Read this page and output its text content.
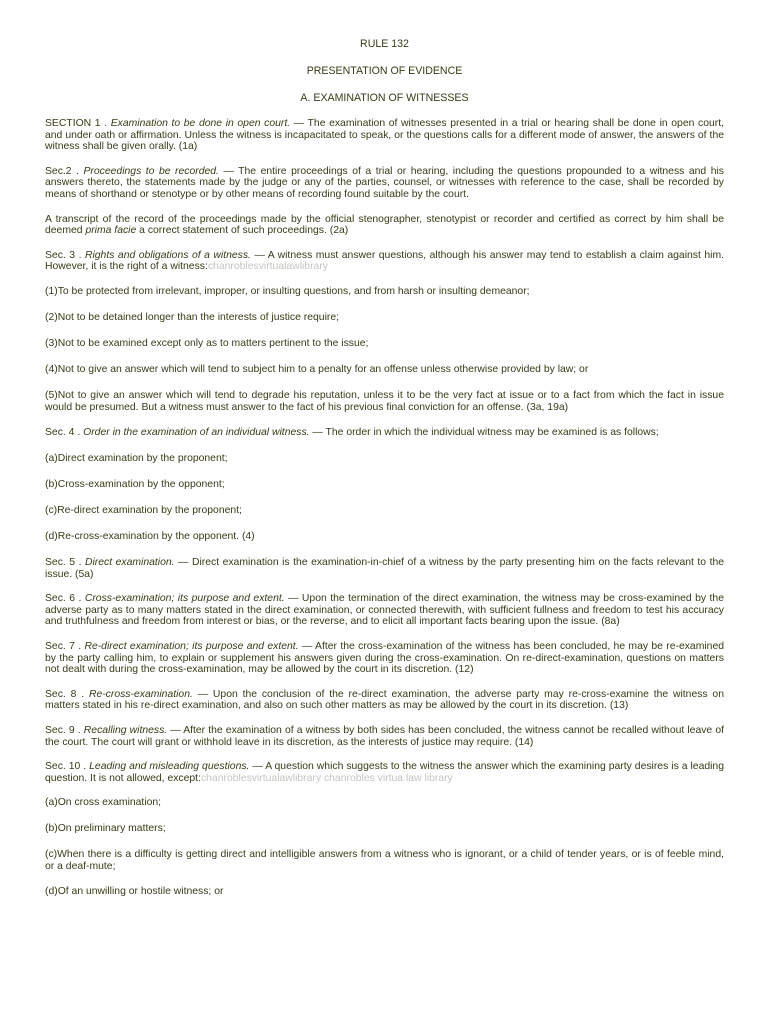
RULE 132

PRESENTATION OF EVIDENCE

A. EXAMINATION OF WITNESSES

SECTION 1 . Examination to be done in open court. — The examination of witnesses presented in a trial or hearing shall be done in open court, and under oath or affirmation. Unless the witness is incapacitated to speak, or the questions calls for a different mode of answer, the answers of the witness shall be given orally. (1a)

Sec.2 . Proceedings to be recorded. — The entire proceedings of a trial or hearing, including the questions propounded to a witness and his answers thereto, the statements made by the judge or any of the parties, counsel, or witnesses with reference to the case, shall be recorded by means of shorthand or stenotype or by other means of recording found suitable by the court.

A transcript of the record of the proceedings made by the official stenographer, stenotypist or recorder and certified as correct by him shall be deemed prima facie a correct statement of such proceedings. (2a)

Sec. 3 . Rights and obligations of a witness. — A witness must answer questions, although his answer may tend to establish a claim against him. However, it is the right of a witness:chanroblesvirtualawlibrary

(1)To be protected from irrelevant, improper, or insulting questions, and from harsh or insulting demeanor;

(2)Not to be detained longer than the interests of justice require;

(3)Not to be examined except only as to matters pertinent to the issue;

(4)Not to give an answer which will tend to subject him to a penalty for an offense unless otherwise provided by law; or

(5)Not to give an answer which will tend to degrade his reputation, unless it to be the very fact at issue or to a fact from which the fact in issue would be presumed. But a witness must answer to the fact of his previous final conviction for an offense. (3a, 19a)

Sec. 4 . Order in the examination of an individual witness. — The order in which the individual witness may be examined is as follows;

(a)Direct examination by the proponent;

(b)Cross-examination by the opponent;

(c)Re-direct examination by the proponent;

(d)Re-cross-examination by the opponent. (4)

Sec. 5 . Direct examination. — Direct examination is the examination-in-chief of a witness by the party presenting him on the facts relevant to the issue. (5a)

Sec. 6 . Cross-examination; its purpose and extent. — Upon the termination of the direct examination, the witness may be cross-examined by the adverse party as to many matters stated in the direct examination, or connected therewith, with sufficient fullness and freedom to test his accuracy and truthfulness and freedom from interest or bias, or the reverse, and to elicit all important facts bearing upon the issue. (8a)

Sec. 7 . Re-direct examination; its purpose and extent. — After the cross-examination of the witness has been concluded, he may be re-examined by the party calling him, to explain or supplement his answers given during the cross-examination. On re-direct-examination, questions on matters not dealt with during the cross-examination, may be allowed by the court in its discretion. (12)

Sec. 8 . Re-cross-examination. — Upon the conclusion of the re-direct examination, the adverse party may re-cross-examine the witness on matters stated in his re-direct examination, and also on such other matters as may be allowed by the court in its discretion. (13)

Sec. 9 . Recalling witness. — After the examination of a witness by both sides has been concluded, the witness cannot be recalled without leave of the court. The court will grant or withhold leave in its discretion, as the interests of justice may require. (14)

Sec. 10 . Leading and misleading questions. — A question which suggests to the witness the answer which the examining party desires is a leading question. It is not allowed, except:chanroblesvirtualawlibrary chanrobles virtua law library

(a)On cross examination;

(b)On preliminary matters;

(c)When there is a difficulty is getting direct and intelligible answers from a witness who is ignorant, or a child of tender years, or is of feeble mind, or a deaf-mute;

(d)Of an unwilling or hostile witness; or
